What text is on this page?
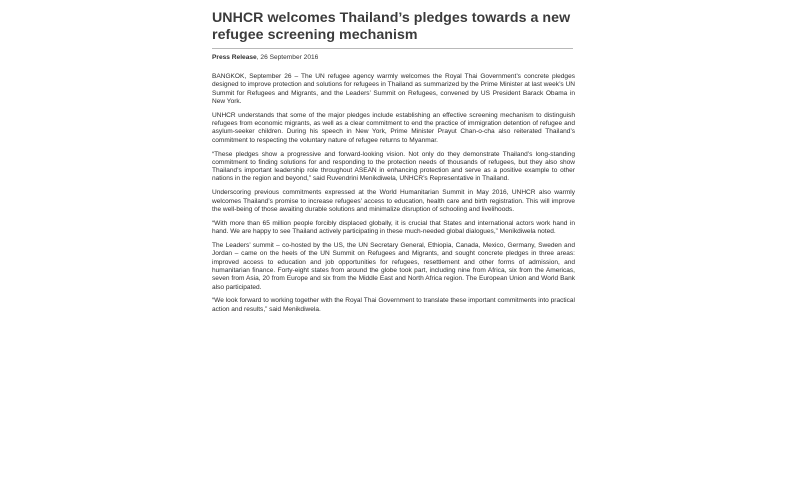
UNHCR welcomes Thailand’s pledges towards a new refugee screening mechanism
Press Release, 26 September 2016

BANGKOK, September 26 – The UN refugee agency warmly welcomes the Royal Thai Government’s concrete pledges designed to improve protection and solutions for refugees in Thailand as summarized by the Prime Minister at last week’s UN Summit for Refugees and Migrants, and the Leaders’ Summit on Refugees, convened by US President Barack Obama in New York.

UNHCR understands that some of the major pledges include establishing an effective screening mechanism to distinguish refugees from economic migrants, as well as a clear commitment to end the practice of immigration detention of refugee and asylum-seeker children. During his speech in New York, Prime Minister Prayut Chan-o-cha also reiterated Thailand’s commitment to respecting the voluntary nature of refugee returns to Myanmar.

“These pledges show a progressive and forward-looking vision. Not only do they demonstrate Thailand’s long-standing commitment to finding solutions for and responding to the protection needs of thousands of refugees, but they also show Thailand’s important leadership role throughout ASEAN in enhancing protection and serve as a positive example to other nations in the region and beyond,” said Ruvendrini Menikdiwela, UNHCR’s Representative in Thailand.

Underscoring previous commitments expressed at the World Humanitarian Summit in May 2016, UNHCR also warmly welcomes Thailand’s promise to increase refugees’ access to education, health care and birth registration. This will improve the well-being of those awaiting durable solutions and minimalize disruption of schooling and livelihoods.

“With more than 65 million people forcibly displaced globally, it is crucial that States and international actors work hand in hand. We are happy to see Thailand actively participating in these much-needed global dialogues,” Menikdiwela noted.

The Leaders’ summit – co-hosted by the US, the UN Secretary General, Ethiopia, Canada, Mexico, Germany, Sweden and Jordan – came on the heels of the UN Summit on Refugees and Migrants, and sought concrete pledges in three areas: improved access to education and job opportunities for refugees, resettlement and other forms of admission, and humanitarian finance. Forty-eight states from around the globe took part, including nine from Africa, six from the Americas, seven from Asia, 20 from Europe and six from the Middle East and North Africa region. The European Union and World Bank also participated.

“We look forward to working together with the Royal Thai Government to translate these important commitments into practical action and results,” said Menikdiwela.
